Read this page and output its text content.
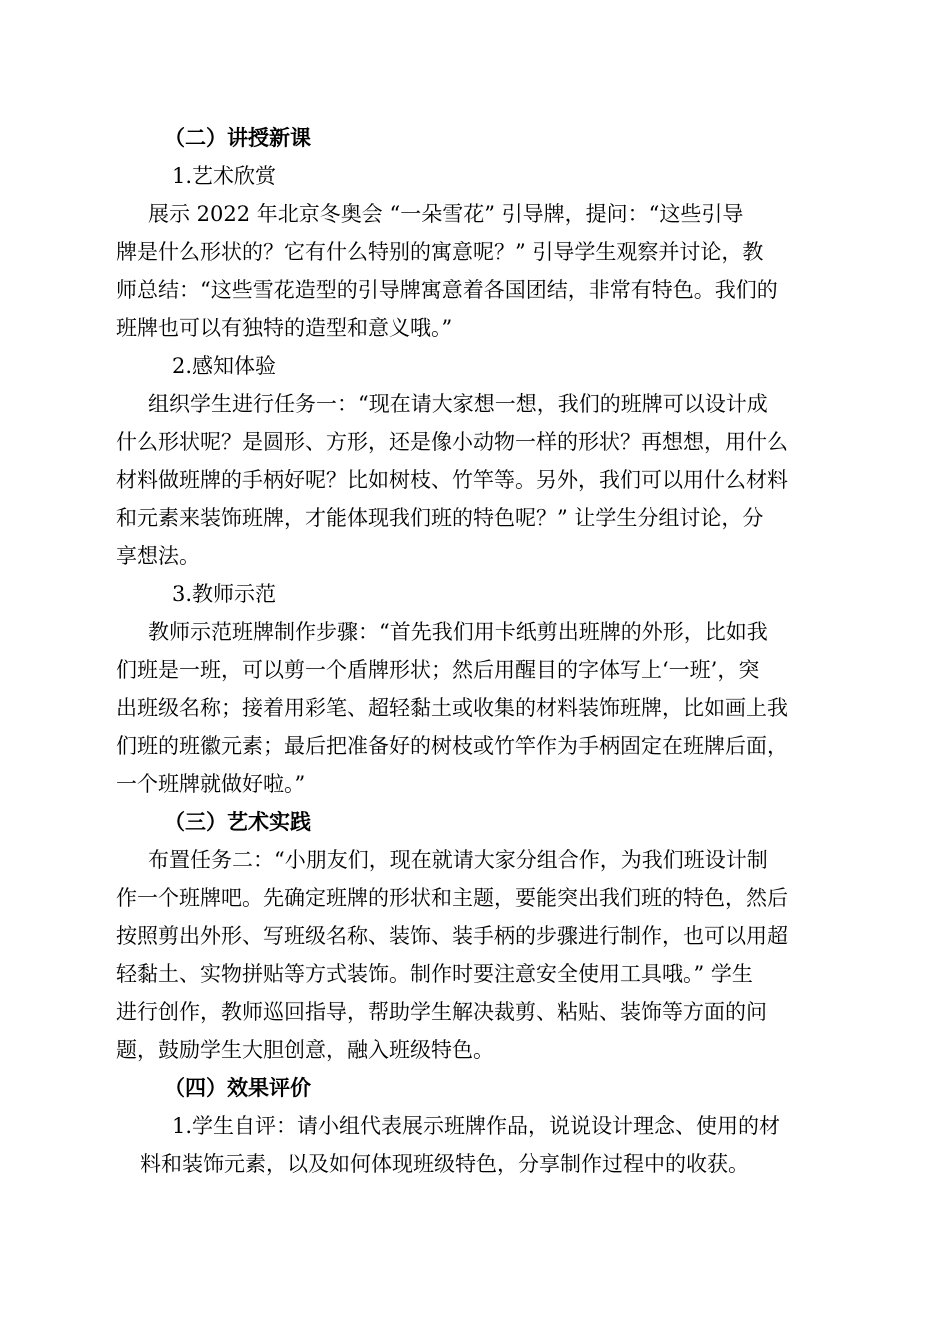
（二）讲授新课
1.艺术欣赏
展示 2022 年北京冬奥会 “一朵雪花” 引导牌，提问：“这些引导
牌是什么形状的？它有什么特别的寓意呢？” 引导学生观察并讨论，教
师总结：“这些雪花造型的引导牌寓意着各国团结，非常有特色。我们的
班牌也可以有独特的造型和意义哦。”
2.感知体验
组织学生进行任务一：“现在请大家想一想，我们的班牌可以设计成
什么形状呢？是圆形、方形，还是像小动物一样的形状？再想想，用什么
材料做班牌的手柄好呢？比如树枝、竹竿等。另外，我们可以用什么材料
和元素来装饰班牌，才能体现我们班的特色呢？” 让学生分组讨论，分
享想法。
3.教师示范
教师示范班牌制作步骤：“首先我们用卡纸剪出班牌的外形，比如我
们班是一班，可以剪一个盾牌形状；然后用醒目的字体写上‘一班’，突
出班级名称；接着用彩笔、超轻黏土或收集的材料装饰班牌，比如画上我
们班的班徽元素；最后把准备好的树枝或竹竿作为手柄固定在班牌后面，
一个班牌就做好啦。”
（三）艺术实践
布置任务二：“小朋友们，现在就请大家分组合作，为我们班设计制
作一个班牌吧。先确定班牌的形状和主题，要能突出我们班的特色，然后
按照剪出外形、写班级名称、装饰、装手柄的步骤进行制作，也可以用超
轻黏土、实物拼贴等方式装饰。制作时要注意安全使用工具哦。” 学生
进行创作，教师巡回指导，帮助学生解决裁剪、粘贴、装饰等方面的问
题，鼓励学生大胆创意，融入班级特色。
（四）效果评价
1.学生自评：请小组代表展示班牌作品，说说设计理念、使用的材
料和装饰元素，以及如何体现班级特色，分享制作过程中的收获。
